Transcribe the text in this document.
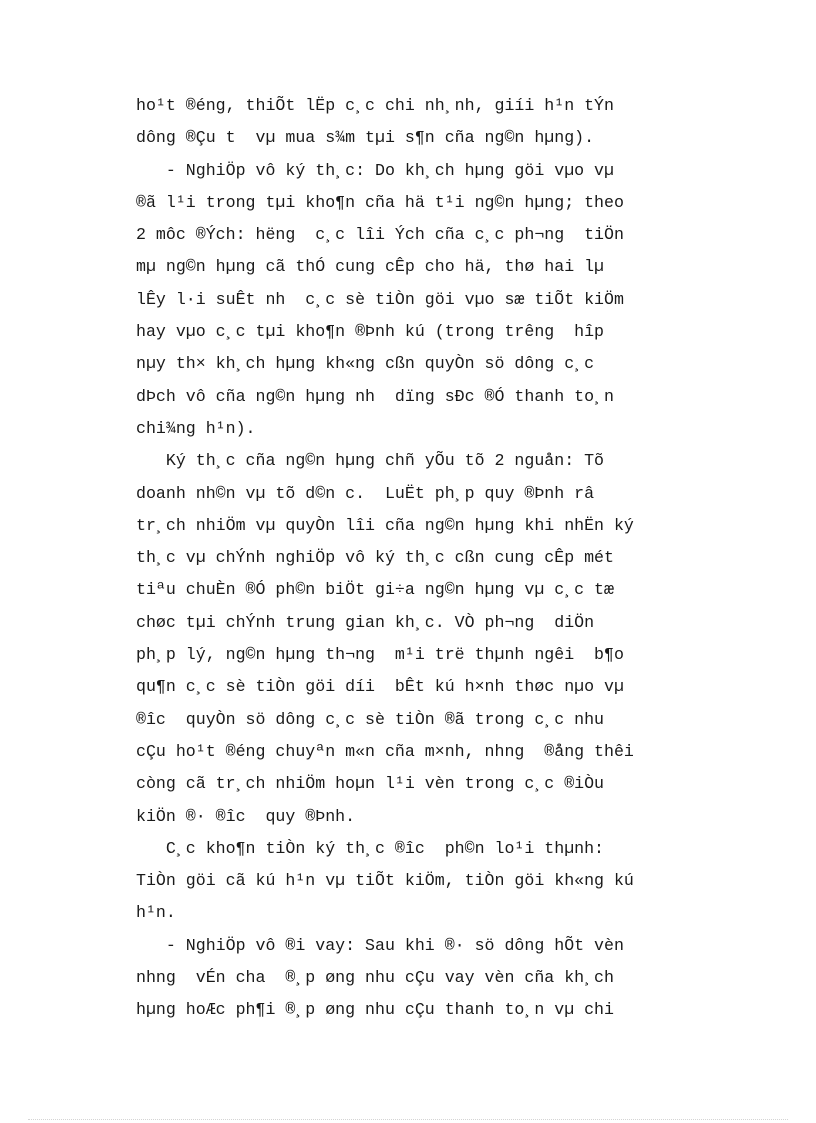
ho¹t ®éng, thiÕt lËp c¸c chi nh¸nh, giíi h¹n tÝn
dông ®Çu t  vµ mua s¾m tµi s¶n cña ng©n hµng).
- NghiÖp vô ký th¸c: Do kh¸ch hµng göi vµo vµ
®ã l¹i trong tµi kho¶n cña hä t¹i ng©n hµng; theo
2 môc ®Ých: hëng  c¸c lîi Ých cña c¸c ph¬ng  tiÖn
mµ ng©n hµng cã thÓ cung cÊp cho hä, thø hai lµ
lÊy l·i suÊt nh  c¸c sè tiÒn göi vµo sæ tiÕt kiÖm
hay vµo c¸c tµi kho¶n ®Þnh kú (trong trêng  hîp
nµy th× kh¸ch hµng kh«ng cßn quyÒn sö dông c¸c
dÞch vô cña ng©n hµng nh  dïng sÐc ®Ó thanh to¸n
chi¾ng h¹n).
Ký th¸c cña ng©n hµng chñ yÕu tõ 2 nguån: Tõ
doanh nh©n vµ tõ d©n c.  LuËt ph¸p quy ®Þnh râ
tr¸ch nhiÖm vµ quyÒn lîi cña ng©n hµng khi nhËn ký
th¸c vµ chÝnh nghiÖp vô ký th¸c cßn cung cÊp mét
tiªu chuÈn ®Ó ph©n biÖt gi÷a ng©n hµng vµ c¸c tæ
chøc tµi chÝnh trung gian kh¸c. VÒ ph¬ng  diÖn
ph¸p lý, ng©n hµng th¬ng  m¹i trë thµnh ngêi  b¶o
qu¶n c¸c sè tiÒn göi díi  bÊt kú h×nh thøc nµo vµ
®îc  quyÒn sö dông c¸c sè tiÒn ®ã trong c¸c nhu
cÇu ho¹t ®éng chuyªn m«n cña m×nh, nhng  ®ång thêi
còng cã tr¸ch nhiÖm hoµn l¹i vèn trong c¸c ®iÒu
kiÖn ®· ®îc  quy ®Þnh.
C¸c kho¶n tiÒn ký th¸c ®îc  ph©n lo¹i thµnh:
TiÒn göi cã kú h¹n vµ tiÕt kiÖm, tiÒn göi kh«ng kú
h¹n.
- NghiÖp vô ®i vay: Sau khi ®· sö dông hÕt vèn
nhng  vÉn cha  ®¸p øng nhu cÇu vay vèn cña kh¸ch
hµng hoÆc ph¶i ®¸p øng nhu cÇu thanh to¸n vµ chi
